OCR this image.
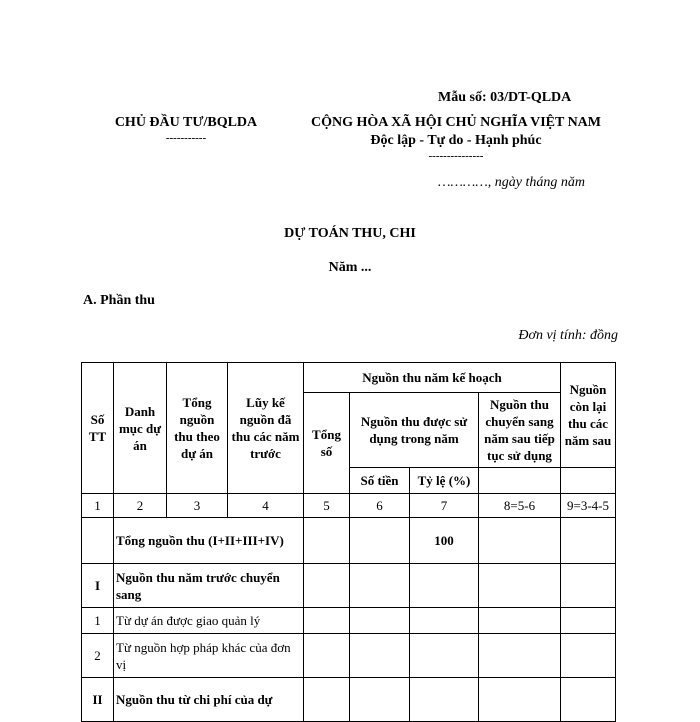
Mẫu số: 03/DT-QLDA
CHỦ ĐẦU TƯ/BQLDA
-----------
CỘNG HÒA XÃ HỘI CHỦ NGHĨA VIỆT NAM
Độc lập - Tự do - Hạnh phúc
---------------
…………, ngày tháng năm
DỰ TOÁN THU, CHI
Năm ...
A. Phần thu
Đơn vị tính: đồng
Số TT	Danh mục dự án	Tổng nguồn thu theo dự án	Lũy kế nguồn đã thu các năm trước	Nguồn thu năm kế hoạch				Nguồn còn lại thu các năm sau
				Tổng số	Nguồn thu được sử dụng trong năm		Nguồn thu chuyển sang năm sau tiếp tục sử dụng	

					Số tiền	Tỷ lệ (%)		
1	2	3	4	5	6	7	8=5-6	9=3-4-5
	Tổng nguồn thu (I+II+III+IV)					100		
I	Nguồn thu năm trước chuyển sang							
1	Từ dự án được giao quản lý							
2	Từ nguồn hợp pháp khác của đơn vị							
II	Nguồn thu từ chi phí của dự							
